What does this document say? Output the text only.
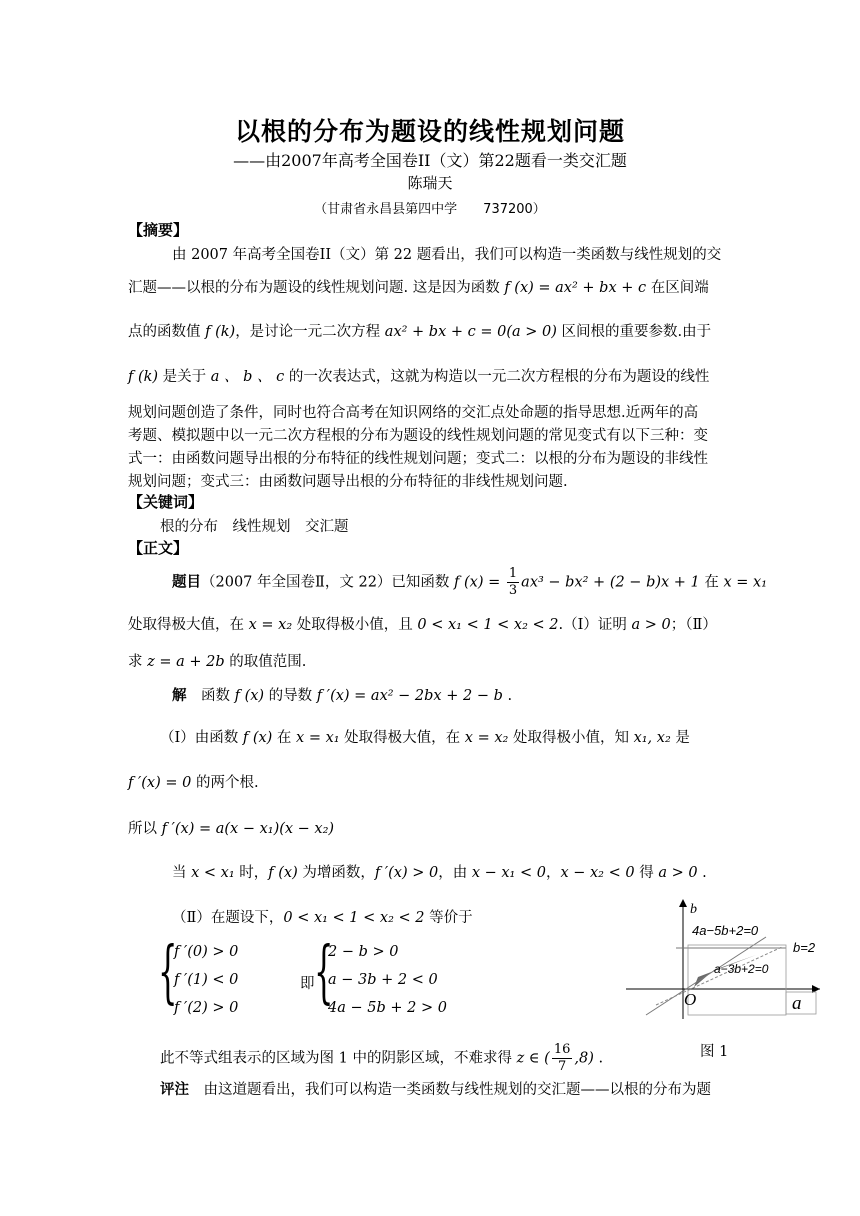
以根的分布为题设的线性规划问题
——由2007年高考全国卷II（文）第22题看一类交汇题
陈瑞天
（甘肃省永昌县第四中学　　737200）
【摘要】
由 2007 年高考全国卷II（文）第 22 题看出，我们可以构造一类函数与线性规划的交
汇题——以根的分布为题设的线性规划问题. 这是因为函数 f (x) = ax² + bx + c 在区间端
点的函数值 f (k)，是讨论一元二次方程 ax² + bx + c = 0(a > 0) 区间根的重要参数.由于
f (k) 是关于 a 、 b 、 c 的一次表达式，这就为构造以一元二次方程根的分布为题设的线性
规划问题创造了条件，同时也符合高考在知识网络的交汇点处命题的指导思想.近两年的高
考题、模拟题中以一元二次方程根的分布为题设的线性规划问题的常见变式有以下三种：变
式一：由函数问题导出根的分布特征的线性规划问题；变式二：以根的分布为题设的非线性
规划问题；变式三：由函数问题导出根的分布特征的非线性规划问题.
【关键词】
根的分布　线性规划　交汇题
【正文】
题目（2007 年全国卷Ⅱ，文 22）已知函数 f $(x) = \frac{1}{3} ax^3 - bx^2 + (2 - b)x + 1$ 在 x = x₁
处取得极大值，在 x = x₂ 处取得极小值，且 0 < x₁ < 1 < x₂ < 2.（Ⅰ）证明 a > 0；（Ⅱ）
求 z = a + 2b 的取值范围.
解　 函数 f (x) 的导数 f ′(x) = ax² − 2bx + 2 − b .
（Ⅰ）由函数 f (x) 在 x = x₁ 处取得极大值，在 x = x₂ 处取得极小值，知 x₁, x₂ 是
f ′(x) = 0 的两个根.
所以 f ′(x) = a(x − x₁)(x − x₂)
当 x < x₁ 时，f (x) 为增函数，f ′(x) > 0，由 x − x₁ < 0，x − x₂ < 0 得 a > 0 .
（Ⅱ）在题设下，0 < x₁ < 1 < x₂ < 2 等价于
{
f ′(0) > 0
f ′(1) < 0
f ′(2) > 0
即 {
2 − b > 0
a − 3b + 2 < 0
4a − 5b + 2 > 0
此不等式组表示的区域为图 1 中的阴影区域，不难求得 z ∈ ( $\frac{16}{7} ,8$) .
评注　 由这道题看出，我们可以构造一类函数与线性规划的交汇题——以根的分布为题
b
4a−5b+2=0
b=2
a−3b+2=0
O	a
图 1
